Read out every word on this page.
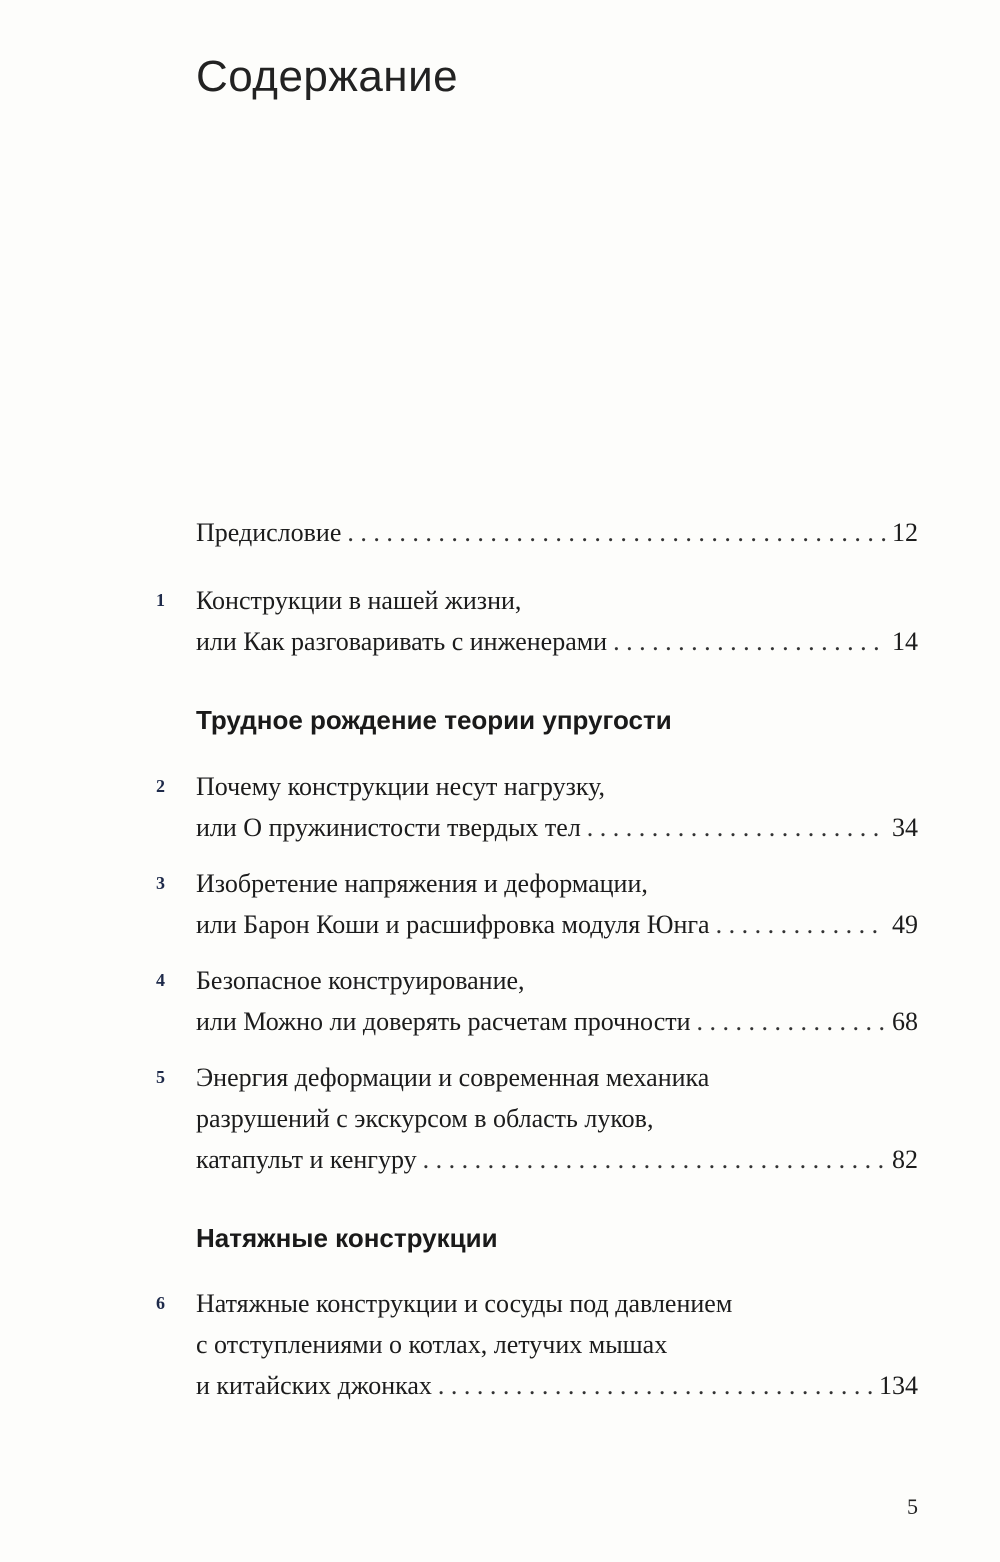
Содержание
Предисловие . . .	12
1	Конструкции в нашей жизни,
или Как разговаривать с инженерами . . .	14
Трудное рождение теории упругости
2	Почему конструкции несут нагрузку,
или О пружинистости твердых тел . . .	34
3	Изобретение напряжения и деформации,
или Барон Коши и расшифровка модуля Юнга . . .	49
4	Безопасное конструирование,
или Можно ли доверять расчетам прочности . . .	68
5	Энергия деформации и современная механика
разрушений с экскурсом в область луков,
катапульт и кенгуру . . .	82
Натяжные конструкции
6	Натяжные конструкции и сосуды под давлением
с отступлениями о котлах, летучих мышах
и китайских джонках . . .	134
5
